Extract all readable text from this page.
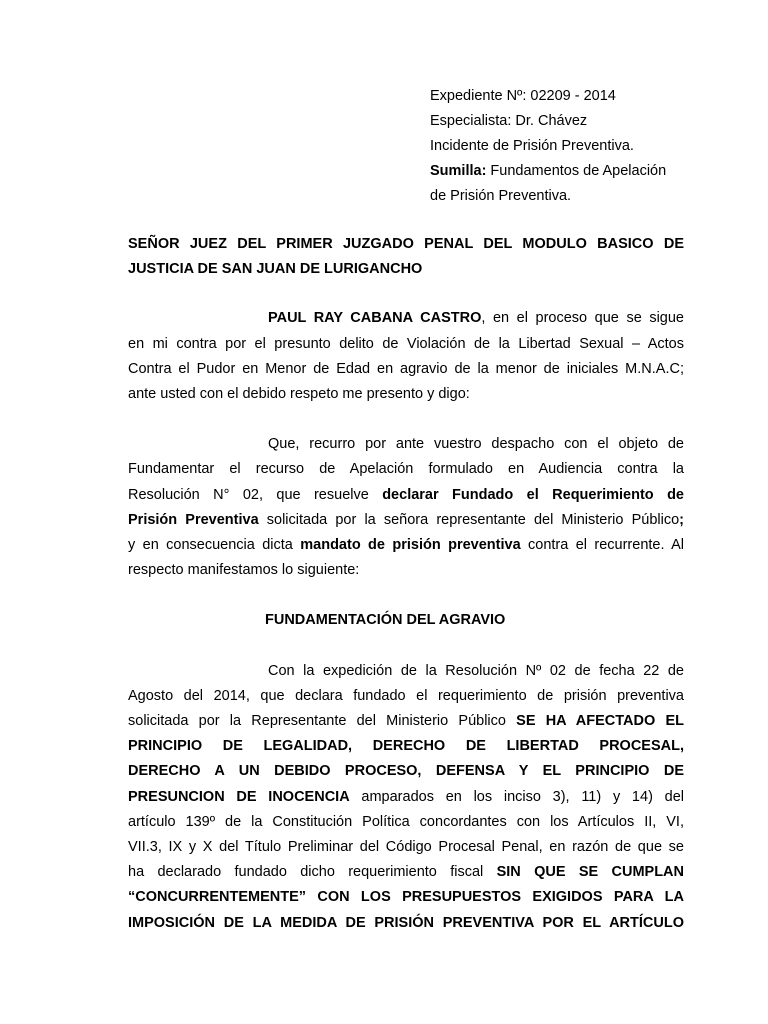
Expediente Nº: 02209 - 2014
Especialista: Dr. Chávez
Incidente de Prisión Preventiva.
Sumilla: Fundamentos de Apelación
de Prisión Preventiva.

SEÑOR JUEZ DEL PRIMER JUZGADO PENAL DEL MODULO BASICO DE
JUSTICIA DE SAN JUAN DE LURIGANCHO

PAUL RAY CABANA CASTRO, en el proceso que se sigue
en mi contra por el presunto delito de Violación de la Libertad Sexual – Actos
Contra el Pudor en Menor de Edad en agravio de la menor de iniciales M.N.A.C;
ante usted con el debido respeto me presento y digo:

Que, recurro por ante vuestro despacho con el objeto de
Fundamentar el recurso de Apelación formulado en Audiencia contra la
Resolución N° 02, que resuelve declarar Fundado el Requerimiento de
Prisión Preventiva solicitada por la señora representante del Ministerio Público;
y en consecuencia dicta mandato de prisión preventiva contra el recurrente. Al
respecto manifestamos lo siguiente:

FUNDAMENTACIÓN DEL AGRAVIO

Con la expedición de la Resolución Nº 02 de fecha 22 de
Agosto del 2014, que declara fundado el requerimiento de prisión preventiva
solicitada por la Representante del Ministerio Público SE HA AFECTADO EL
PRINCIPIO DE LEGALIDAD, DERECHO DE LIBERTAD PROCESAL,
DERECHO A UN DEBIDO PROCESO, DEFENSA Y EL PRINCIPIO DE
PRESUNCION DE INOCENCIA amparados en los inciso 3), 11) y 14) del
artículo 139º de la Constitución Política concordantes con los Artículos II, VI,
VII.3, IX y X del Título Preliminar del Código Procesal Penal, en razón de que se
ha declarado fundado dicho requerimiento fiscal SIN QUE SE CUMPLAN
“CONCURRENTEMENTE” CON LOS PRESUPUESTOS EXIGIDOS PARA LA
IMPOSICIÓN DE LA MEDIDA DE PRISIÓN PREVENTIVA POR EL ARTÍCULO
